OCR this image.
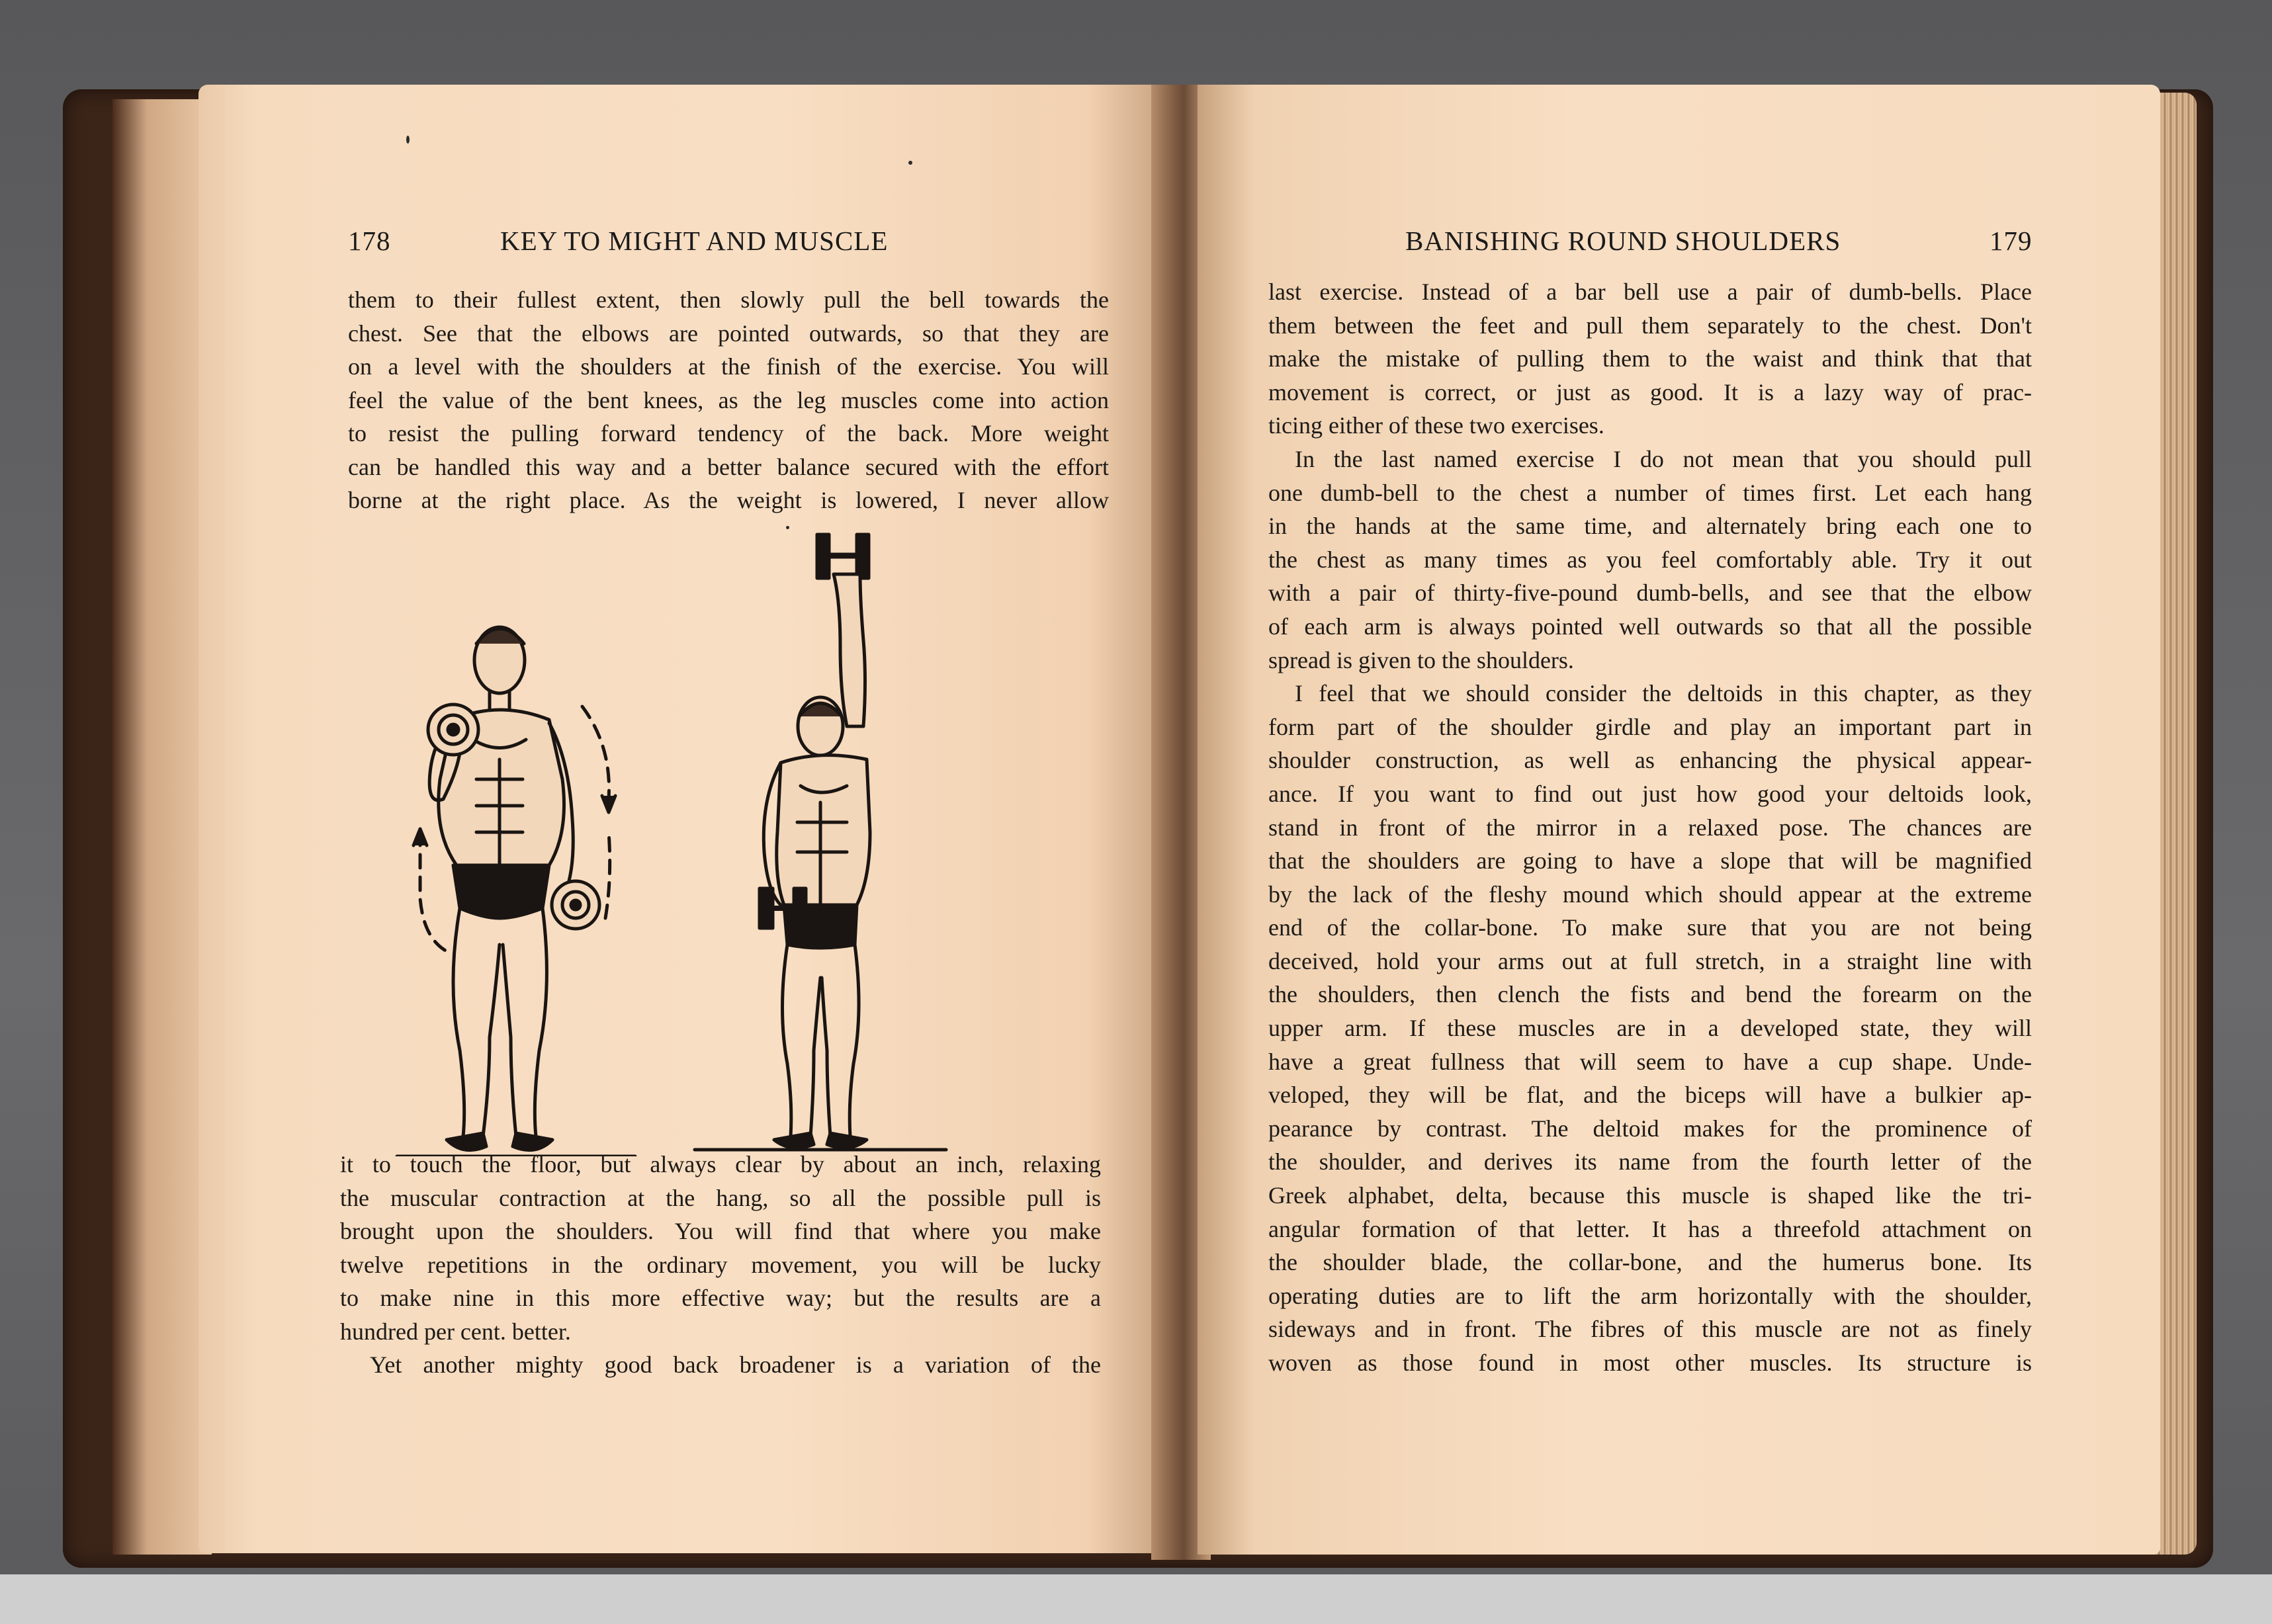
178	KEY TO MIGHT AND MUSCLE

them to their fullest extent, then slowly pull the bell towards the

chest. See that the elbows are pointed outwards, so that they are

on a level with the shoulders at the finish of the exercise. You will

feel the value of the bent knees, as the leg muscles come into action

to resist the pulling forward tendency of the back. More weight

can be handled this way and a better balance secured with the effort

borne at the right place. As the weight is lowered, I never allow

it to touch the floor, but always clear by about an inch, relaxing

the muscular contraction at the hang, so all the possible pull is

brought upon the shoulders. You will find that where you make

twelve repetitions in the ordinary movement, you will be lucky

to make nine in this more effective way; but the results are a

hundred per cent. better.

Yet another mighty good back broadener is a variation of the

BANISHING ROUND SHOULDERS	179

last exercise. Instead of a bar bell use a pair of dumb-bells. Place

them between the feet and pull them separately to the chest. Don't

make the mistake of pulling them to the waist and think that that

movement is correct, or just as good. It is a lazy way of prac-

ticing either of these two exercises.

In the last named exercise I do not mean that you should pull

one dumb-bell to the chest a number of times first. Let each hang

in the hands at the same time, and alternately bring each one to

the chest as many times as you feel comfortably able. Try it out

with a pair of thirty-five-pound dumb-bells, and see that the elbow

of each arm is always pointed well outwards so that all the possible

spread is given to the shoulders.

I feel that we should consider the deltoids in this chapter, as they

form part of the shoulder girdle and play an important part in

shoulder construction, as well as enhancing the physical appear-

ance. If you want to find out just how good your deltoids look,

stand in front of the mirror in a relaxed pose. The chances are

that the shoulders are going to have a slope that will be magnified

by the lack of the fleshy mound which should appear at the extreme

end of the collar-bone. To make sure that you are not being

deceived, hold your arms out at full stretch, in a straight line with

the shoulders, then clench the fists and bend the forearm on the

upper arm. If these muscles are in a developed state, they will

have a great fullness that will seem to have a cup shape. Unde-

veloped, they will be flat, and the biceps will have a bulkier ap-

pearance by contrast. The deltoid makes for the prominence of

the shoulder, and derives its name from the fourth letter of the

Greek alphabet, delta, because this muscle is shaped like the tri-

angular formation of that letter. It has a threefold attachment on

the shoulder blade, the collar-bone, and the humerus bone. Its

operating duties are to lift the arm horizontally with the shoulder,

sideways and in front. The fibres of this muscle are not as finely

woven as those found in most other muscles. Its structure is
